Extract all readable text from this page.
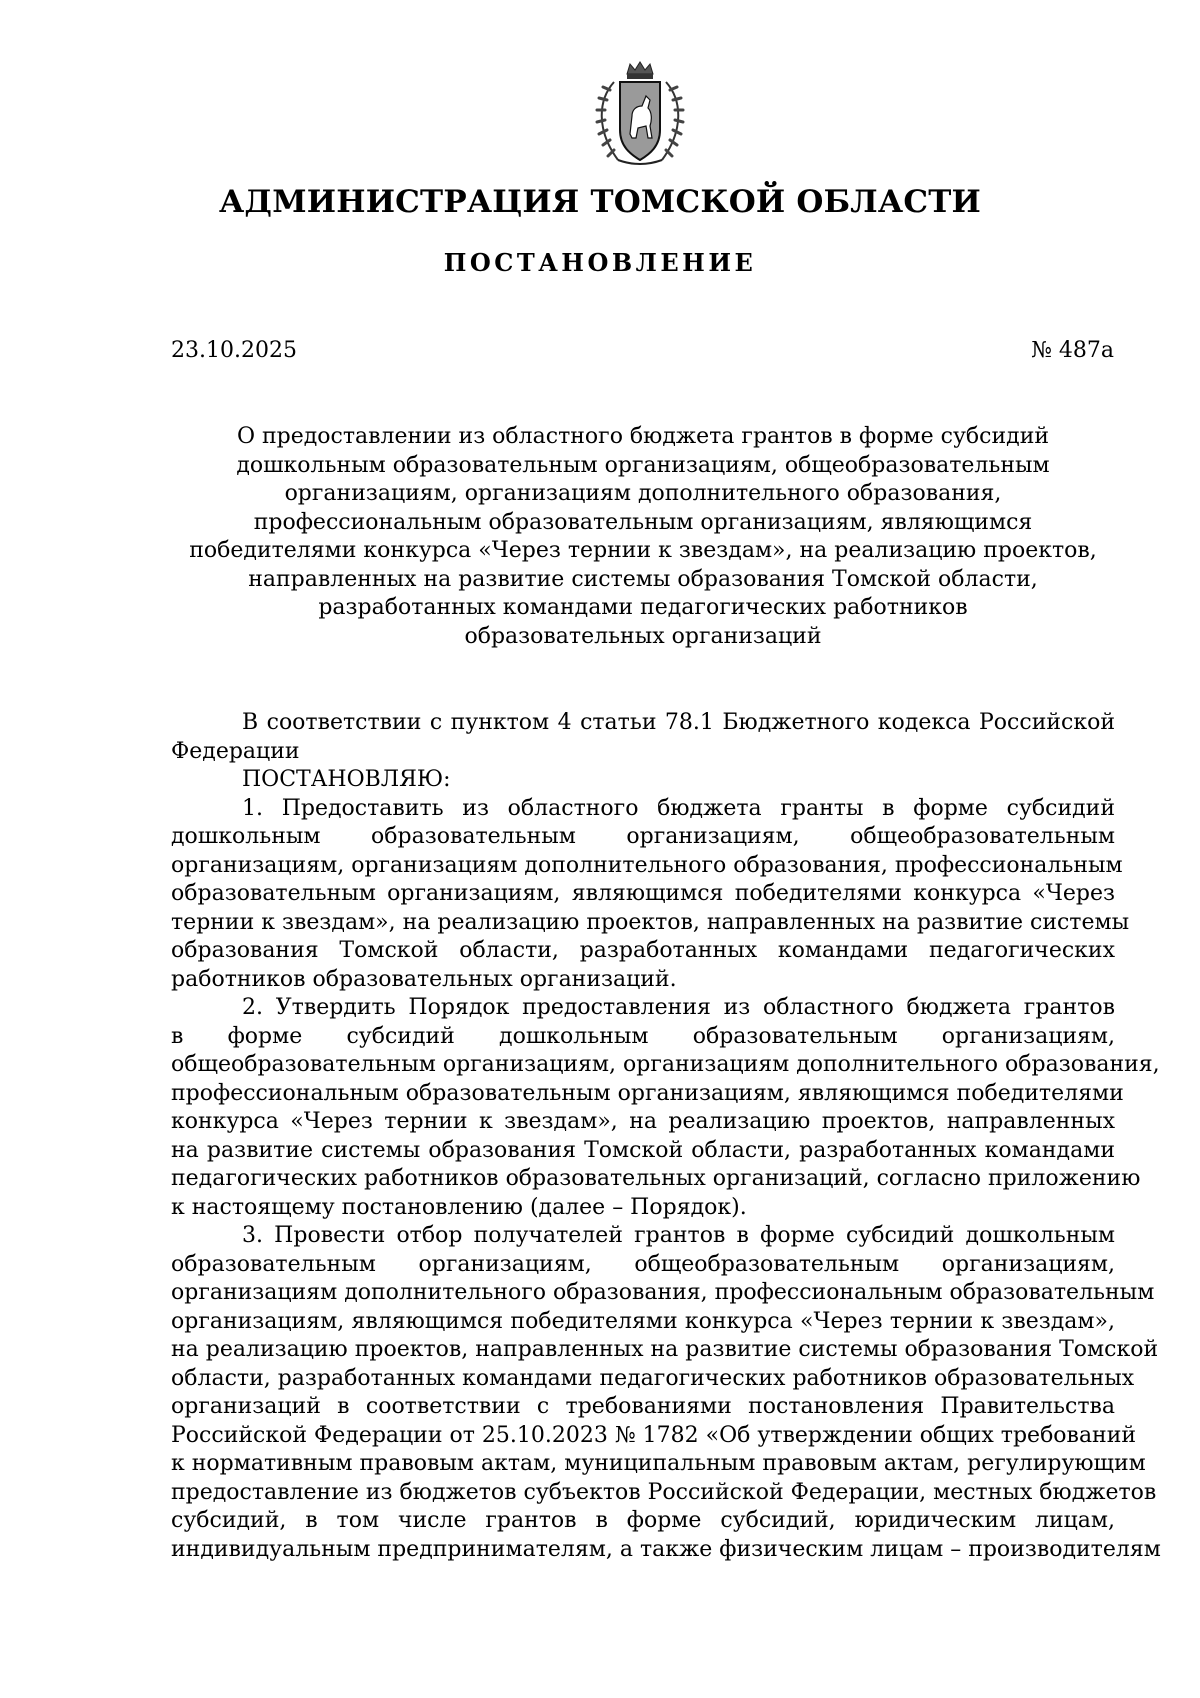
АДМИНИСТРАЦИЯ ТОМСКОЙ ОБЛАСТИ
ПОСТАНОВЛЕНИЕ
23.10.2025	№ 487а
О предоставлении из областного бюджета грантов в форме субсидий
дошкольным образовательным организациям, общеобразовательным
организациям, организациям дополнительного образования,
профессиональным образовательным организациям, являющимся
победителями конкурса «Через тернии к звездам», на реализацию проектов,
направленных на развитие системы образования Томской области,
разработанных командами педагогических работников
образовательных организаций
В соответствии с пунктом 4 статьи 78.1 Бюджетного кодекса Российской
Федерации
ПОСТАНОВЛЯЮ:
1. Предоставить из областного бюджета гранты в форме субсидий
дошкольным образовательным организациям, общеобразовательным
организациям, организациям дополнительного образования, профессиональным
образовательным организациям, являющимся победителями конкурса «Через
тернии к звездам», на реализацию проектов, направленных на развитие системы
образования Томской области, разработанных командами педагогических
работников образовательных организаций.
2. Утвердить Порядок предоставления из областного бюджета грантов
в форме субсидий дошкольным образовательным организациям,
общеобразовательным организациям, организациям дополнительного образования,
профессиональным образовательным организациям, являющимся победителями
конкурса «Через тернии к звездам», на реализацию проектов, направленных
на развитие системы образования Томской области, разработанных командами
педагогических работников образовательных организаций, согласно приложению
к настоящему постановлению (далее – Порядок).
3. Провести отбор получателей грантов в форме субсидий дошкольным
образовательным организациям, общеобразовательным организациям,
организациям дополнительного образования, профессиональным образовательным
организациям, являющимся победителями конкурса «Через тернии к звездам»,
на реализацию проектов, направленных на развитие системы образования Томской
области, разработанных командами педагогических работников образовательных
организаций в соответствии с требованиями постановления Правительства
Российской Федерации от 25.10.2023 № 1782 «Об утверждении общих требований
к нормативным правовым актам, муниципальным правовым актам, регулирующим
предоставление из бюджетов субъектов Российской Федерации, местных бюджетов
субсидий, в том числе грантов в форме субсидий, юридическим лицам,
индивидуальным предпринимателям, а также физическим лицам – производителям
